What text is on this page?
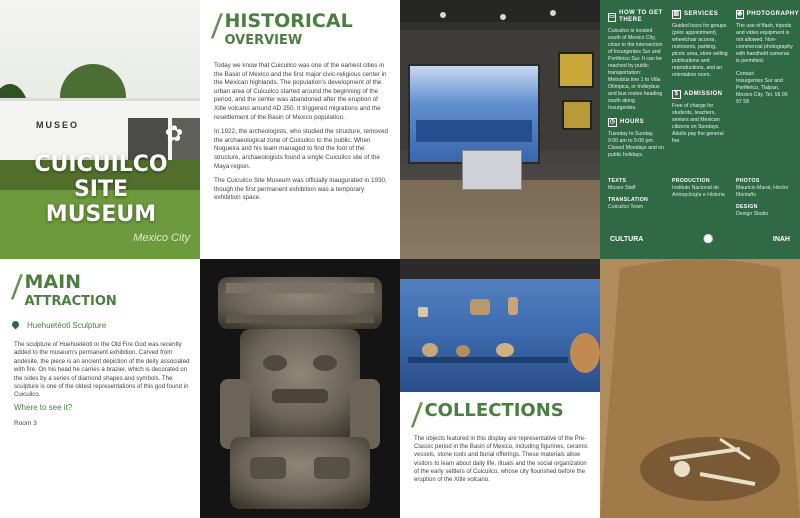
MUSEO	✿
CUICUILCO
SITE
MUSEUM
Mexico City
/ HISTORICAL
OVERVIEW

Today we know that Cuicuilco was one of the earliest cities in the Basin of Mexico and the first major civic-religious center in the Mexican highlands. The population's development of the urban area of Cuicuilco started around the beginning of the period, and the center was abandoned after the eruption of Xitle volcano around AD 250. It triggered migrations and the resettlement of the Basin of Mexico population.

In 1922, the archeologists, who studied the structure, removed the archaeological zone of Cuicuilco to the public. When Nogueira and his team managed to find the foot of the structure, archaeologists found a single Cuicuilco site of the Maya region.

The Cuicuilco Site Museum was officially inaugurated in 1930, though the first permanent exhibition was a temporary exhibition space.

▭
HOW TO GET THERE
Cuicuilco is located south of Mexico City, close to the intersection of Insurgentes Sur and Periférico Sur. It can be reached by public transportation: Metrobús line 1 to Villa Olímpica, or trolleybus and bus routes heading south along Insurgentes.
◷ HOURS
Tuesday to Sunday, 9:00 am to 5:00 pm. Closed Mondays and on public holidays.
▥ SERVICES
Guided tours for groups (prior appointment), wheelchair access, restrooms, parking, picnic area, store selling publications and reproductions, and an orientation room.
$ ADMISSION
Free of charge for students, teachers, seniors and Mexican citizens on Sundays. Adults pay the general fee.
◉ PHOTOGRAPHY
The use of flash, tripods and video equipment is not allowed. Non-commercial photography with handheld cameras is permitted.
Contact
Insurgentes Sur and Periférico, Tlalpan, Mexico City. Tel. 56 06 97 58
TEXTS
Museo Staff
TRANSLATION
Cuicuilco Team
PRODUCTION
Instituto Nacional de Antropología e Historia
PHOTOS
Mauricio Marat, Héctor Montaño
DESIGN
Design Studio
CULTURA	✺	INAH
/ MAIN
ATTRACTION
The sculpture of Huehuetéotl or the Old Fire God was recently added to the museum's permanent exhibition. Carved from andesite, the piece is an ancient depiction of the deity associated with fire. On his head he carries a brazier, which is decorated on the sides by a series of diamond shapes and symbols. The sculpture is one of the oldest representations of this god found in Cuicuilco.
Where to see it?
Room 3
Huehuetéotl Sculpture
/ COLLECTIONS
The objects featured in this display are representative of the Pre-Classic period in the Basin of Mexico, including figurines, ceramic vessels, stone tools and burial offerings. These materials allow visitors to learn about daily life, rituals and the social organization of the early settlers of Cuicuilco, whose city flourished before the eruption of the Xitle volcano.
